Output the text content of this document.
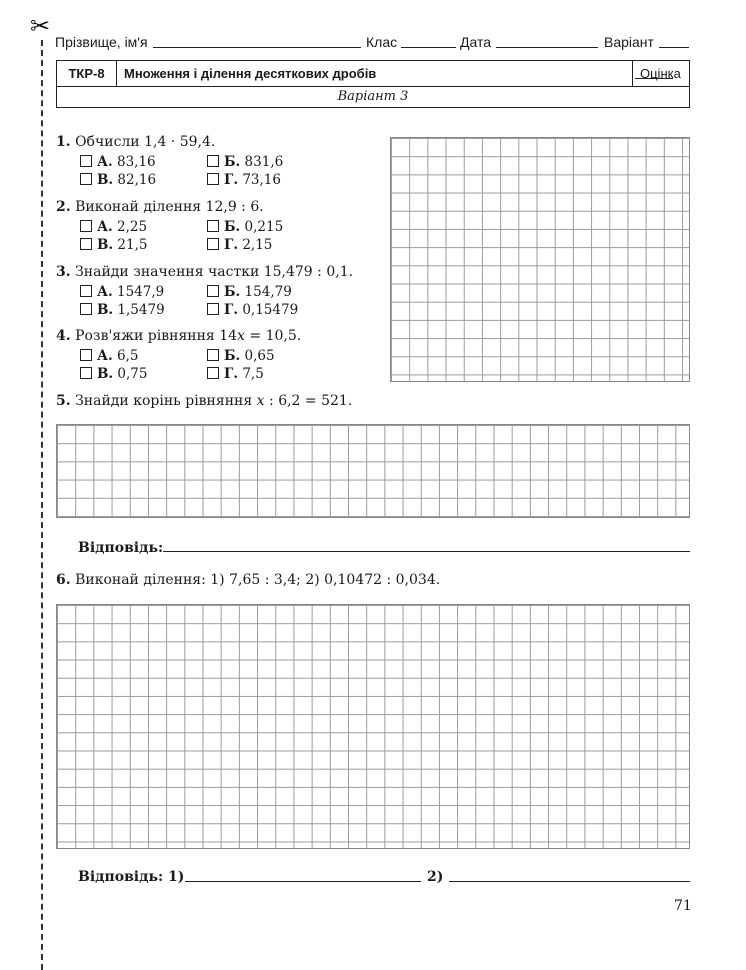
✂
Прізвище, ім'я	Клас	Дата	Варіант
ТКР-8	Множення і ділення десяткових дробів	Оцінка
Варіант 3
1. Обчисли 1,4 · 59,4.
А. 83,16	Б. 831,6
В. 82,16	Г. 73,16
2. Виконай ділення 12,9 : 6.
А. 2,25	Б. 0,215
В. 21,5	Г. 2,15
3. Знайди значення частки 15,479 : 0,1.
А. 1547,9	Б. 154,79
В. 1,5479	Г. 0,15479
4. Розв'яжи рівняння 14x = 10,5.
А. 6,5	Б. 0,65
В. 0,75	Г. 7,5
5. Знайди корінь рівняння x : 6,2 = 521.
Відповідь:
6. Виконай ділення: 1) 7,65 : 3,4; 2) 0,10472 : 0,034.
Відповідь: 1)	2)
71
